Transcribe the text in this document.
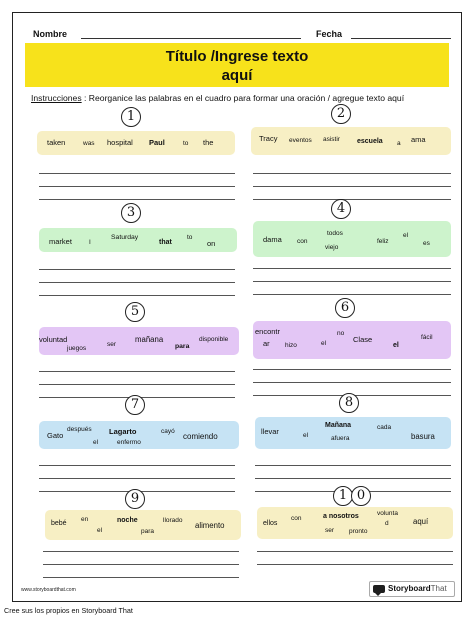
Nombre	Fecha
Título /Ingrese texto
aquí
Instrucciones : Reorganice las palabras en el cuadro para formar una oración / agregue texto aquí
1
taken	was hospital Paul	to the
2
Tracy eventos asistir escuela a ama
3
market	I
Saturday
that
to
on
4
dama con
todos
viejo
feliz
el
es
5
voluntad
juegos
ser
mañana
para
disponible
6
encontr
ar hizo	el
no
Clase
el
fácil
7
Gato
después
el
Lagarto
enfermo
cayó
comiendo
8
llevar	el
Mañana
afuera
cada
basura
9
bebé
en
el
noche
para
llorado
alimento
1 0
ellos
con	a nosotros
ser pronto
volunta
d	aquí
www.storyboardthat.com	StoryboardThat
Cree sus los propios en Storyboard That
